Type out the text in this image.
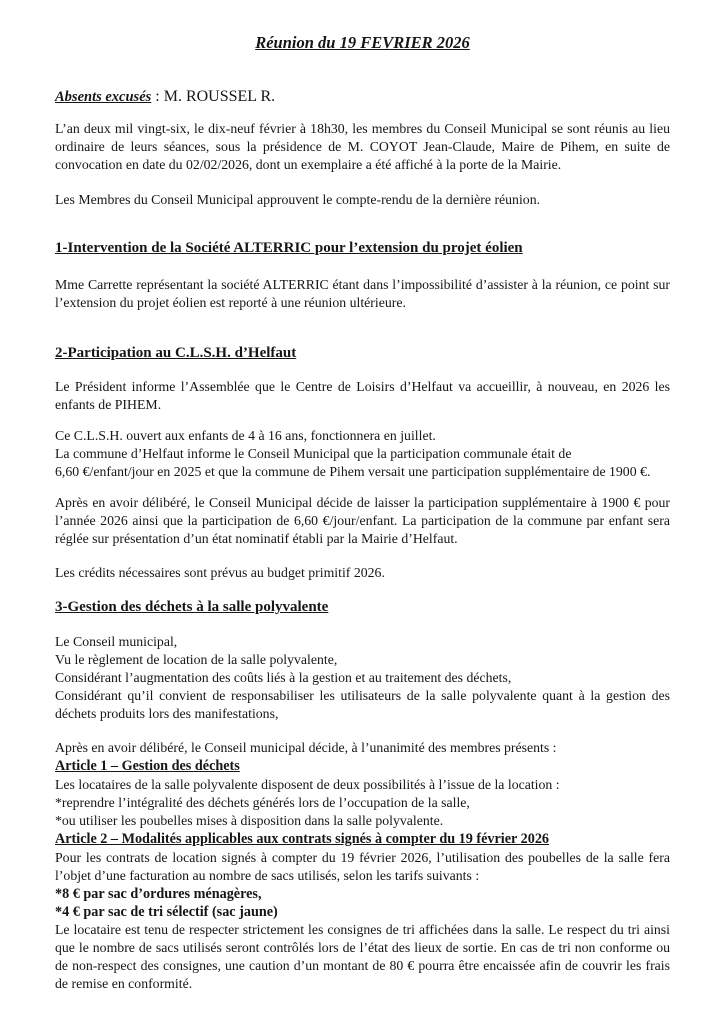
Réunion du 19 FEVRIER 2026
Absents excusés : M. ROUSSEL R.

L’an deux mil vingt-six, le dix-neuf février à 18h30, les membres du Conseil Municipal se sont réunis au lieu ordinaire de leurs séances, sous la présidence de M. COYOT Jean-Claude, Maire de Pihem, en suite de convocation en date du 02/02/2026, dont un exemplaire a été affiché à la porte de la Mairie.

Les Membres du Conseil Municipal approuvent le compte-rendu de la dernière réunion.

1-Intervention de la Société ALTERRIC pour l’extension du projet éolien

Mme Carrette représentant la société ALTERRIC étant dans l’impossibilité d’assister à la réunion, ce point sur l’extension du projet éolien est reporté à une réunion ultérieure.

2-Participation au C.L.S.H. d’Helfaut

Le Président informe l’Assemblée que le Centre de Loisirs d’Helfaut va accueillir, à nouveau, en 2026 les enfants de PIHEM.

Ce C.L.S.H. ouvert aux enfants de 4 à 16 ans, fonctionnera en juillet.
La commune d’Helfaut informe le Conseil Municipal que la participation communale était de
6,60 €/enfant/jour en 2025 et que la commune de Pihem versait une participation supplémentaire de 1900 €.

Après en avoir délibéré, le Conseil Municipal décide de laisser la participation supplémentaire à 1900 € pour l’année 2026 ainsi que la participation de 6,60 €/jour/enfant. La participation de la commune par enfant sera réglée sur présentation d’un état nominatif établi par la Mairie d’Helfaut.

Les crédits nécessaires sont prévus au budget primitif 2026.

3-Gestion des déchets à la salle polyvalente

Le Conseil municipal,
Vu le règlement de location de la salle polyvalente,
Considérant l’augmentation des coûts liés à la gestion et au traitement des déchets,
Considérant qu’il convient de responsabiliser les utilisateurs de la salle polyvalente quant à la gestion des déchets produits lors des manifestations,

Après en avoir délibéré, le Conseil municipal décide, à l’unanimité des membres présents :

Article 1 – Gestion des déchets

Les locataires de la salle polyvalente disposent de deux possibilités à l’issue de la location :
*reprendre l’intégralité des déchets générés lors de l’occupation de la salle,
*ou utiliser les poubelles mises à disposition dans la salle polyvalente.

Article 2 – Modalités applicables aux contrats signés à compter du 19 février 2026

Pour les contrats de location signés à compter du 19 février 2026, l’utilisation des poubelles de la salle fera l’objet d’une facturation au nombre de sacs utilisés, selon les tarifs suivants :

*8 € par sac d’ordures ménagères,
*4 € par sac de tri sélectif (sac jaune)

Le locataire est tenu de respecter strictement les consignes de tri affichées dans la salle. Le respect du tri ainsi que le nombre de sacs utilisés seront contrôlés lors de l’état des lieux de sortie. En cas de tri non conforme ou de non-respect des consignes, une caution d’un montant de 80 € pourra être encaissée afin de couvrir les frais de remise en conformité.
